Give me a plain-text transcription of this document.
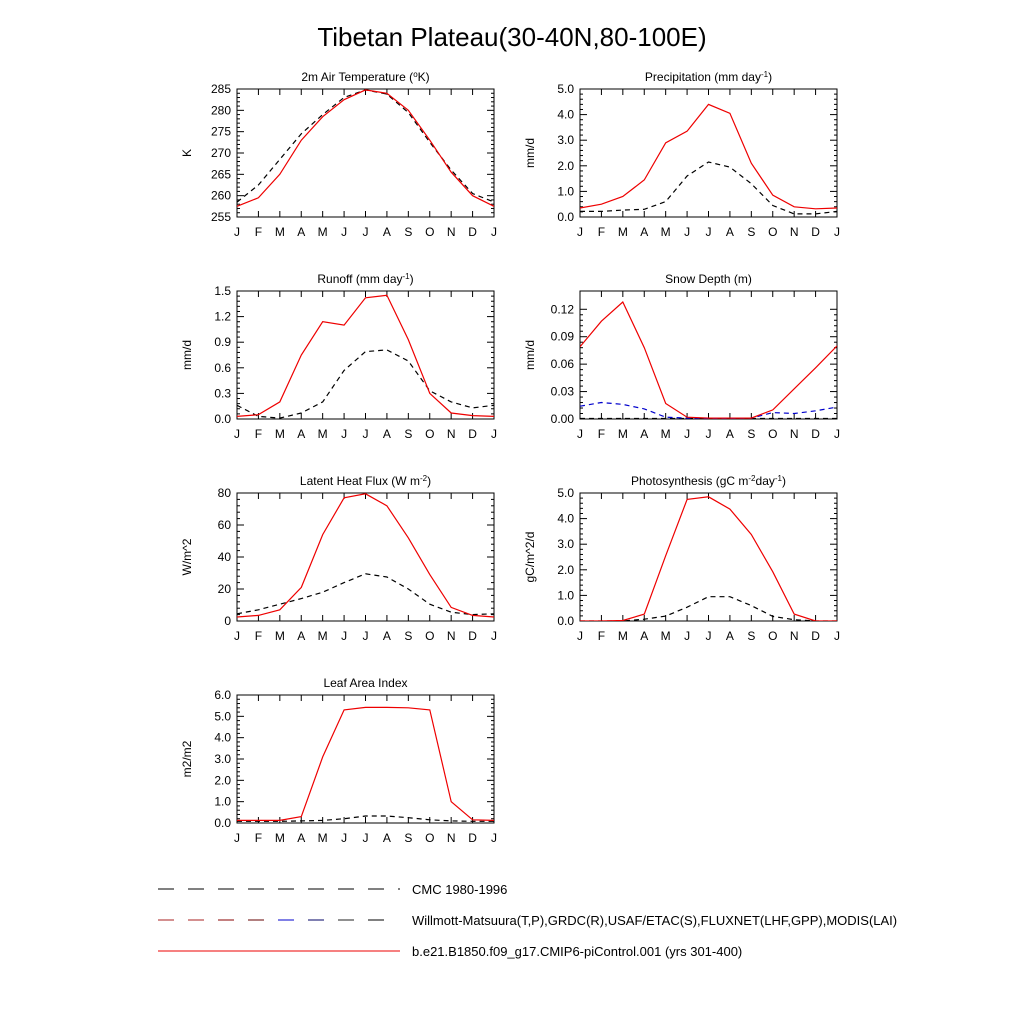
Tibetan Plateau(30-40N,80-100E)
2m Air Temperature ($^o$K)
J F M A M J J A S O N D J
255
260
265
270
275
280
285
K
Precipitation (mm day$^{-1}$)
J F M A M J J A S O N D J
0.0
1.0
2.0
3.0
4.0
5.0
mm/d
Runoff (mm day$^{-1}$)
J F M A M J J A S O N D J
0.0
0.3
0.6
0.9
1.2
1.5
mm/d
Snow Depth (m)
J F M A M J J A S O N D J
0.00
0.03
0.06
0.09
0.12
mm/d
Latent Heat Flux (W $m^{-2}$)
J F M A M J J A S O N D J
0
20
40
60
80
W/m^2
Photosynthesis (gC $m^{-2}day^{-1}$)
J F M A M J J A S O N D J
0.0
1.0
2.0
3.0
4.0
5.0
gC/m^2/d
Leaf Area Index
J F M A M J J A S O N D J
0.0
1.0
2.0
3.0
4.0
5.0
6.0
m2/m2
CMC 1980-1996
Willmott-Matsuura(T,P),GRDC(R),USAF/ETAC(S),FLUXNET(LHF,GPP),MODIS(LAI)
b.e21.B1850.f09_g17.CMIP6-piControl.001 (yrs 301-400)
